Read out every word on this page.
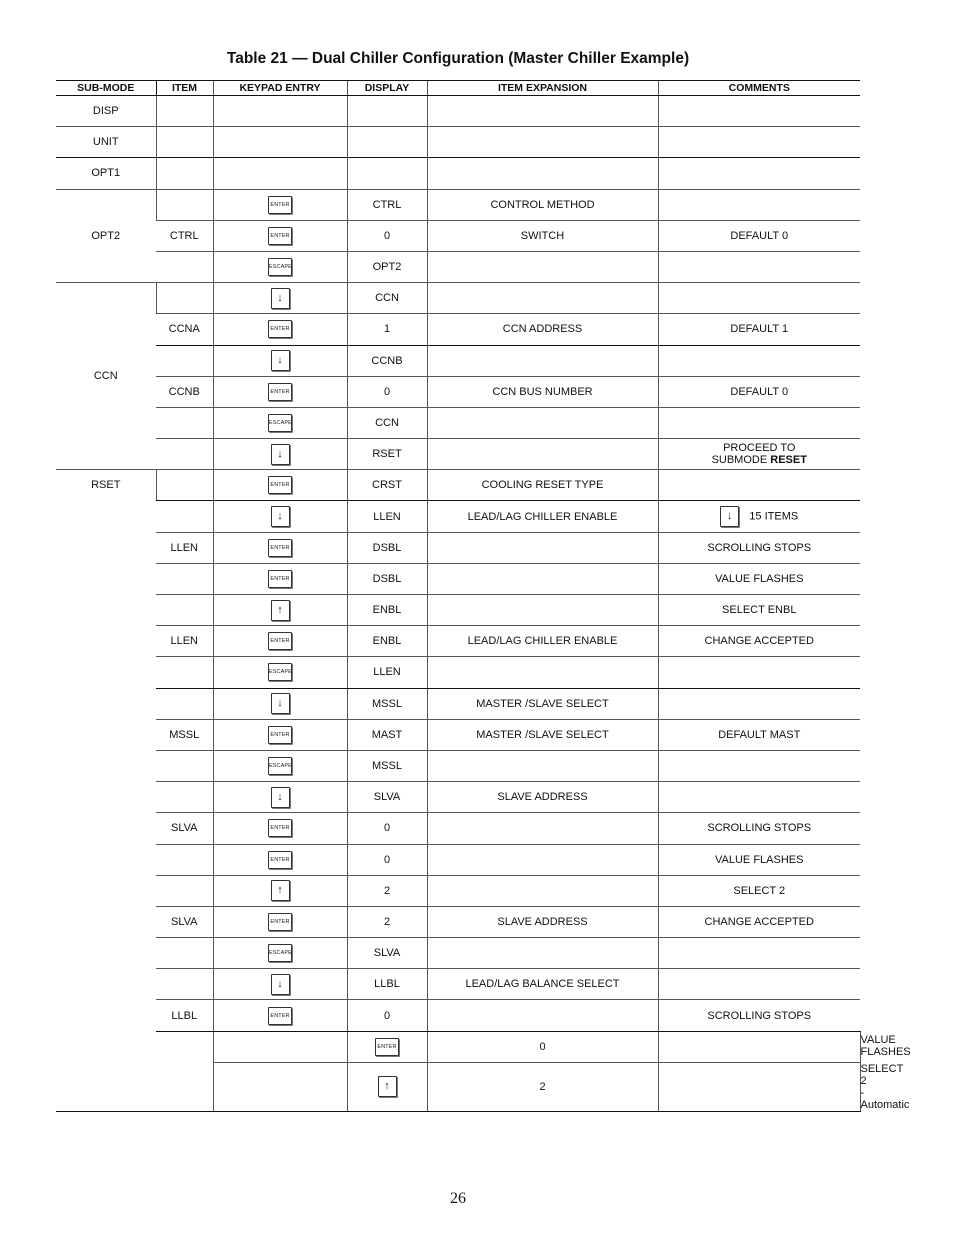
Table 21 — Dual Chiller Configuration (Master Chiller Example)
SUB-MODE	ITEM	KEYPAD ENTRY	DISPLAY	ITEM EXPANSION	COMMENTS	
DISP						
UNIT						
OPT1						
OPT2		ENTER	CTRL	CONTROL METHOD		
	CTRL	ENTER	0	SWITCH	DEFAULT 0	
		ESCAPE	OPT2			
CCN		↓	CCN			
	CCNA	ENTER	1	CCN ADDRESS	DEFAULT 1	
		↓	CCNB			
	CCNB	ENTER	0	CCN BUS NUMBER	DEFAULT 0	
		ESCAPE	CCN			
		↓	RSET		PROCEED TO
SUBMODE RESET	
RSET		ENTER	CRST	COOLING RESET TYPE		
		↓	LLEN	LEAD/LAG CHILLER ENABLE	↓ 15 ITEMS	
	LLEN	ENTER	DSBL		SCROLLING STOPS	
		ENTER	DSBL		VALUE FLASHES	
		↑	ENBL		SELECT ENBL	
	LLEN	ENTER	ENBL	LEAD/LAG CHILLER ENABLE	CHANGE ACCEPTED	
		ESCAPE	LLEN			
		↓	MSSL	MASTER /SLAVE SELECT		
	MSSL	ENTER	MAST	MASTER /SLAVE SELECT	DEFAULT MAST	
		ESCAPE	MSSL			
		↓	SLVA	SLAVE ADDRESS		
	SLVA	ENTER	0		SCROLLING STOPS	
		ENTER	0		VALUE FLASHES	
		↑	2		SELECT 2	
	SLVA	ENTER	2	SLAVE ADDRESS	CHANGE ACCEPTED	
		ESCAPE	SLVA			
		↓	LLBL	LEAD/LAG BALANCE SELECT		
	LLBL	ENTER	0		SCROLLING STOPS	
			ENTER	0		VALUE FLASHES
			↑	2		SELECT 2 - Automatic
26
